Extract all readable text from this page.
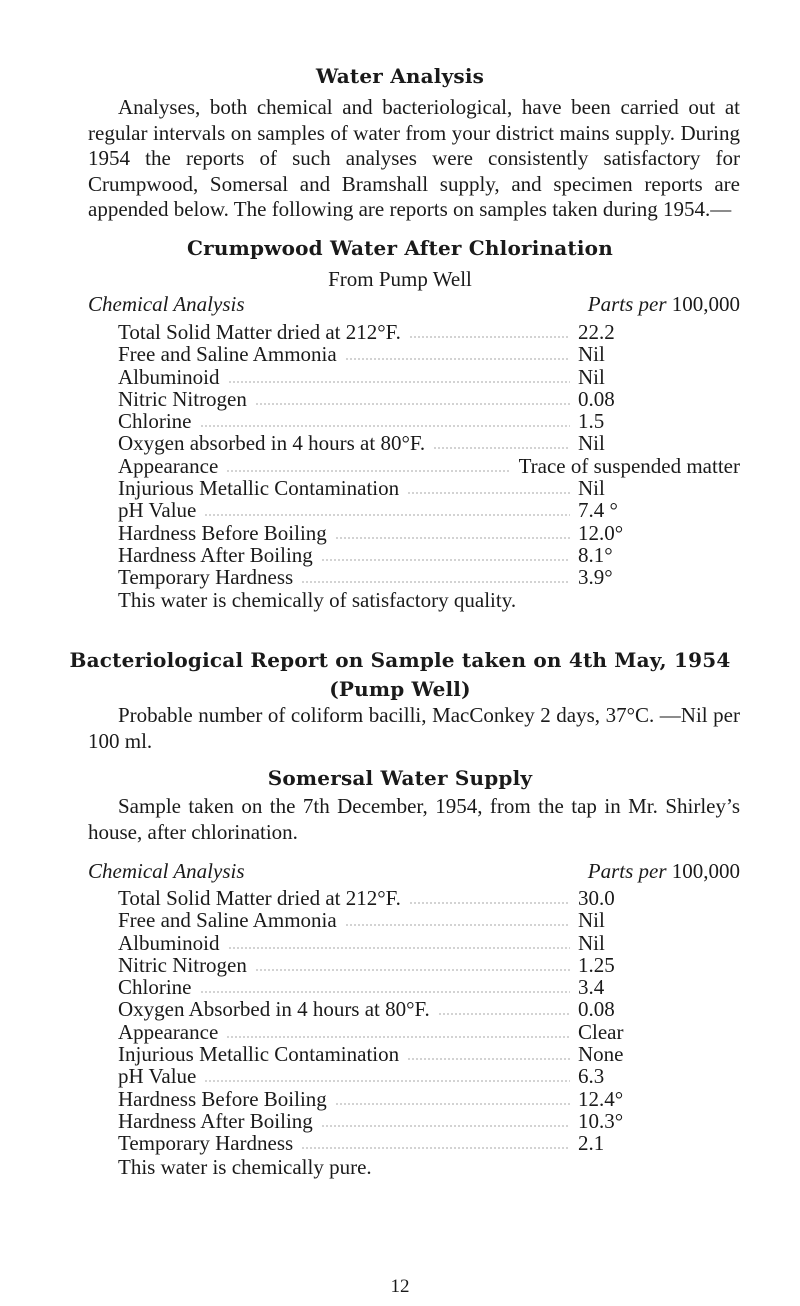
Water Analysis
Analyses, both chemical and bacteriological, have been carried out at regular intervals on samples of water from your district mains supply. During 1954 the reports of such analyses were consistently satisfactory for Crumpwood, Somersal and Bramshall supply, and specimen reports are appended below. The following are reports on samples taken during 1954.—
Crumpwood Water After Chlorination
From Pump Well
Chemical Analysis	Parts per 100,000
Total Solid Matter dried at 212°F.	22.2
Free and Saline Ammonia	Nil
Albuminoid	Nil
Nitric Nitrogen	0.08
Chlorine	1.5
Oxygen absorbed in 4 hours at 80°F.	Nil
Appearance	Trace of suspended matter
Injurious Metallic Contamination	Nil
pH Value	7.4 °
Hardness Before Boiling	12.0°
Hardness After Boiling	8.1°
Temporary Hardness	3.9°
This water is chemically of satisfactory quality.
Bacteriological Report on Sample taken on 4th May, 1954
(Pump Well)
Probable number of coliform bacilli, MacConkey 2 days, 37°C. —Nil per 100 ml.
Somersal Water Supply
Sample taken on the 7th December, 1954, from the tap in Mr. Shirley’s house, after chlorination.
Chemical Analysis	Parts per 100,000
Total Solid Matter dried at 212°F.	30.0
Free and Saline Ammonia	Nil
Albuminoid	Nil
Nitric Nitrogen	1.25
Chlorine	3.4
Oxygen Absorbed in 4 hours at 80°F.	0.08
Appearance	Clear
Injurious Metallic Contamination	None
pH Value	6.3
Hardness Before Boiling	12.4°
Hardness After Boiling	10.3°
Temporary Hardness	2.1
This water is chemically pure.
12
